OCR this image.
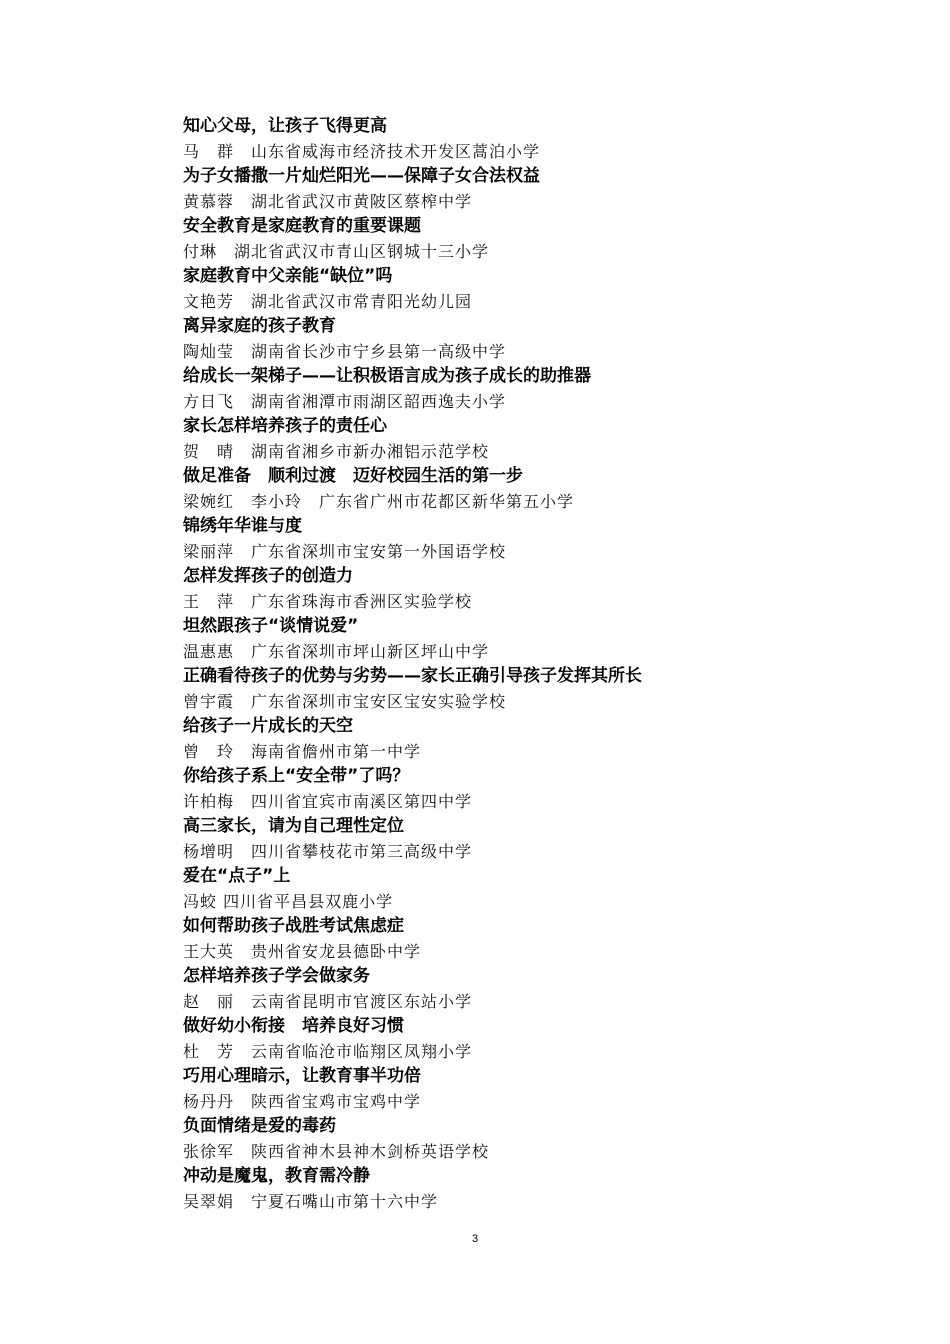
知心父母，让孩子飞得更高
马　群　山东省威海市经济技术开发区蒿泊小学
为子女播撒一片灿烂阳光——保障子女合法权益
黄慕蓉　湖北省武汉市黄陂区蔡榨中学
安全教育是家庭教育的重要课题
付琳　湖北省武汉市青山区钢城十三小学
家庭教育中父亲能“缺位”吗
文艳芳　湖北省武汉市常青阳光幼儿园
离异家庭的孩子教育
陶灿莹　湖南省长沙市宁乡县第一高级中学
给成长一架梯子——让积极语言成为孩子成长的助推器
方日飞　湖南省湘潭市雨湖区韶西逸夫小学
家长怎样培养孩子的责任心
贺　晴　湖南省湘乡市新办湘铝示范学校
做足准备　顺利过渡　迈好校园生活的第一步
梁婉红　李小玲　广东省广州市花都区新华第五小学
锦绣年华谁与度
梁丽萍　广东省深圳市宝安第一外国语学校
怎样发挥孩子的创造力
王　萍　广东省珠海市香洲区实验学校
坦然跟孩子“谈情说爱”
温惠惠　广东省深圳市坪山新区坪山中学
正确看待孩子的优势与劣势——家长正确引导孩子发挥其所长
曾宇霞　广东省深圳市宝安区宝安实验学校
给孩子一片成长的天空
曾　玲　海南省儋州市第一中学
你给孩子系上“安全带”了吗？
许柏梅　四川省宜宾市南溪区第四中学
高三家长，请为自己理性定位
杨增明　四川省攀枝花市第三高级中学
爱在“点子”上
冯蛟 四川省平昌县双鹿小学
如何帮助孩子战胜考试焦虑症
王大英　贵州省安龙县德卧中学
怎样培养孩子学会做家务
赵　丽　云南省昆明市官渡区东站小学
做好幼小衔接　培养良好习惯
杜　芳　云南省临沧市临翔区凤翔小学
巧用心理暗示，让教育事半功倍
杨丹丹　陕西省宝鸡市宝鸡中学
负面情绪是爱的毒药
张徐军　陕西省神木县神木剑桥英语学校
冲动是魔鬼，教育需冷静
吴翠娟　宁夏石嘴山市第十六中学
3
